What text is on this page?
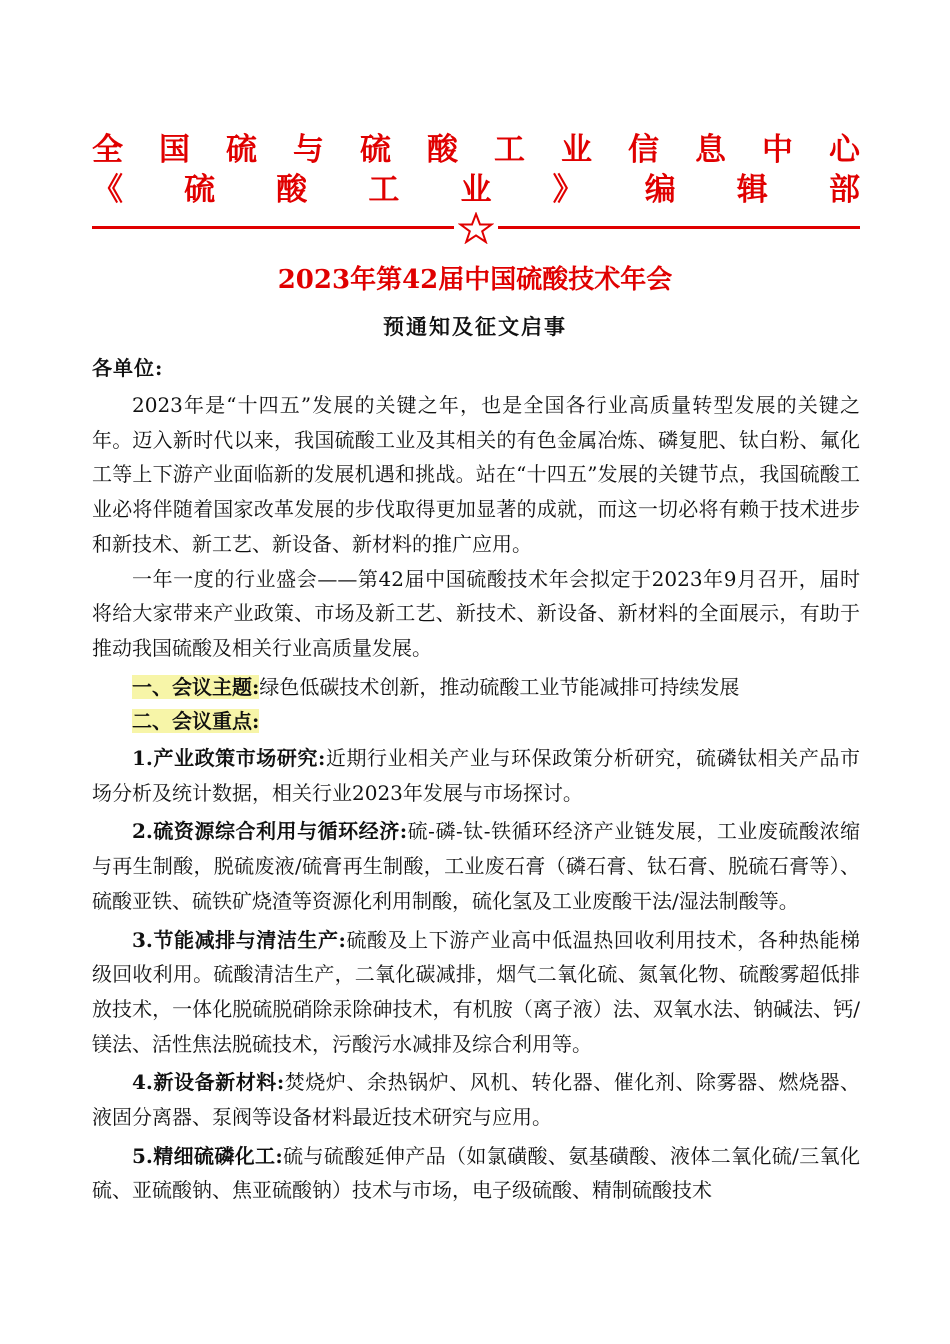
全 国 硫 与 硫 酸 工 业 信 息 中 心
《 硫 酸 工 业 》 编 辑 部
2023年第42届中国硫酸技术年会
预通知及征文启事
各单位:

2023年是“十四五”发展的关键之年，也是全国各行业高质量转型发展的关键之年。迈入新时代以来，我国硫酸工业及其相关的有色金属冶炼、磷复肥、钛白粉、氟化工等上下游产业面临新的发展机遇和挑战。站在“十四五”发展的关键节点，我国硫酸工业必将伴随着国家改革发展的步伐取得更加显著的成就，而这一切必将有赖于技术进步和新技术、新工艺、新设备、新材料的推广应用。

一年一度的行业盛会——第42届中国硫酸技术年会拟定于2023年9月召开，届时将给大家带来产业政策、市场及新工艺、新技术、新设备、新材料的全面展示，有助于推动我国硫酸及相关行业高质量发展。

一、会议主题:绿色低碳技术创新，推动硫酸工业节能减排可持续发展
二、会议重点:

1.产业政策市场研究:近期行业相关产业与环保政策分析研究，硫磷钛相关产品市场分析及统计数据，相关行业2023年发展与市场探讨。

2.硫资源综合利用与循环经济:硫-磷-钛-铁循环经济产业链发展，工业废硫酸浓缩与再生制酸，脱硫废液/硫膏再生制酸，工业废石膏（磷石膏、钛石膏、脱硫石膏等）、硫酸亚铁、硫铁矿烧渣等资源化利用制酸，硫化氢及工业废酸干法/湿法制酸等。

3.节能减排与清洁生产:硫酸及上下游产业高中低温热回收利用技术，各种热能梯级回收利用。硫酸清洁生产，二氧化碳减排，烟气二氧化硫、氮氧化物、硫酸雾超低排放技术，一体化脱硫脱硝除汞除砷技术，有机胺（离子液）法、双氧水法、钠碱法、钙/镁法、活性焦法脱硫技术，污酸污水减排及综合利用等。

4.新设备新材料:焚烧炉、余热锅炉、风机、转化器、催化剂、除雾器、燃烧器、液固分离器、泵阀等设备材料最近技术研究与应用。

5.精细硫磷化工:硫与硫酸延伸产品（如氯磺酸、氨基磺酸、液体二氧化硫/三氧化硫、亚硫酸钠、焦亚硫酸钠）技术与市场，电子级硫酸、精制硫酸技术
